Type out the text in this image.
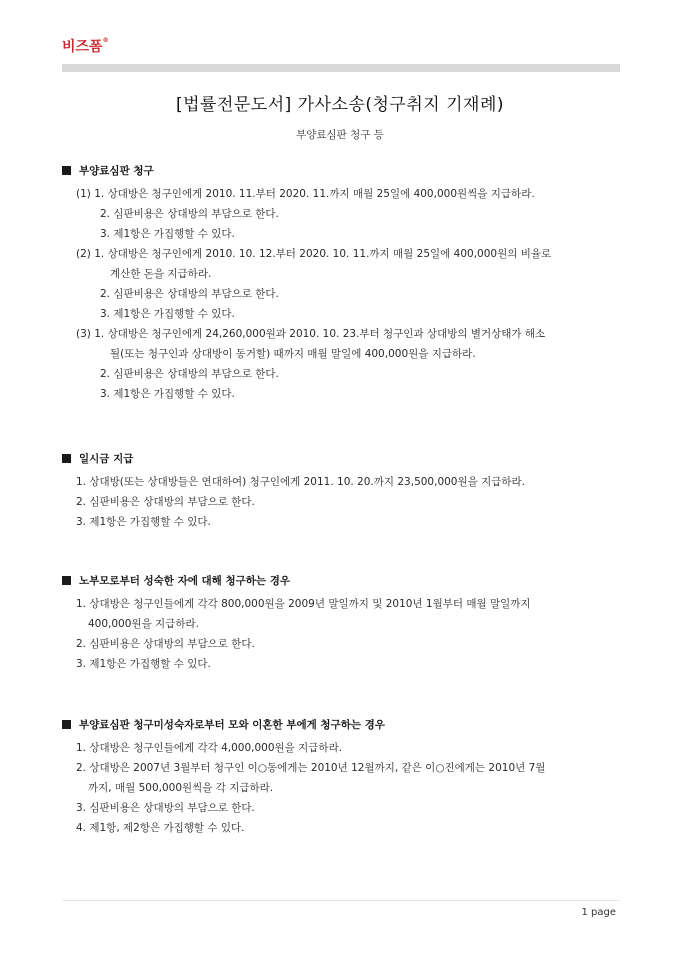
비즈폼®
[법률전문도서] 가사소송(청구취지 기재례)
부양료심판 청구 등
부양료심판 청구
(1) 1. 상대방은 청구인에게 2010. 11.부터 2020. 11.까지 매월 25일에 400,000원씩을 지급하라.
2. 심판비용은 상대방의 부담으로 한다.
3. 제1항은 가집행할 수 있다.
(2) 1. 상대방은 청구인에게 2010. 10. 12.부터 2020. 10. 11.까지 매월 25일에 400,000원의 비율로
계산한 돈을 지급하라.
2. 심판비용은 상대방의 부담으로 한다.
3. 제1항은 가집행할 수 있다.
(3) 1. 상대방은 청구인에게 24,260,000원과 2010. 10. 23.부터 청구인과 상대방의 별거상태가 해소
될(또는 청구인과 상대방이 동거할) 때까지 매월 말일에 400,000원을 지급하라.
2. 심판비용은 상대방의 부담으로 한다.
3. 제1항은 가집행할 수 있다.
일시금 지급
1. 상대방(또는 상대방들은 연대하여) 청구인에게 2011. 10. 20.까지 23,500,000원을 지급하라.
2. 심판비용은 상대방의 부담으로 한다.
3. 제1항은 가집행할 수 있다.
노부모로부터 성숙한 자에 대해 청구하는 경우
1. 상대방은 청구인들에게 각각 800,000원을 2009년 말일까지 및 2010년 1월부터 매월 말일까지
400,000원을 지급하라.
2. 심판비용은 상대방의 부담으로 한다.
3. 제1항은 가집행할 수 있다.
부양료심판 청구미성숙자로부터 모와 이혼한 부에게 청구하는 경우
1. 상대방은 청구인들에게 각각 4,000,000원을 지급하라.
2. 상대방은 2007년 3월부터 청구인 이○동에게는 2010년 12월까지, 같은 이○진에게는 2010년 7월
까지, 매월 500,000원씩을 각 지급하라.
3. 심판비용은 상대방의 부담으로 한다.
4. 제1항, 제2항은 가집행할 수 있다.
1 page
